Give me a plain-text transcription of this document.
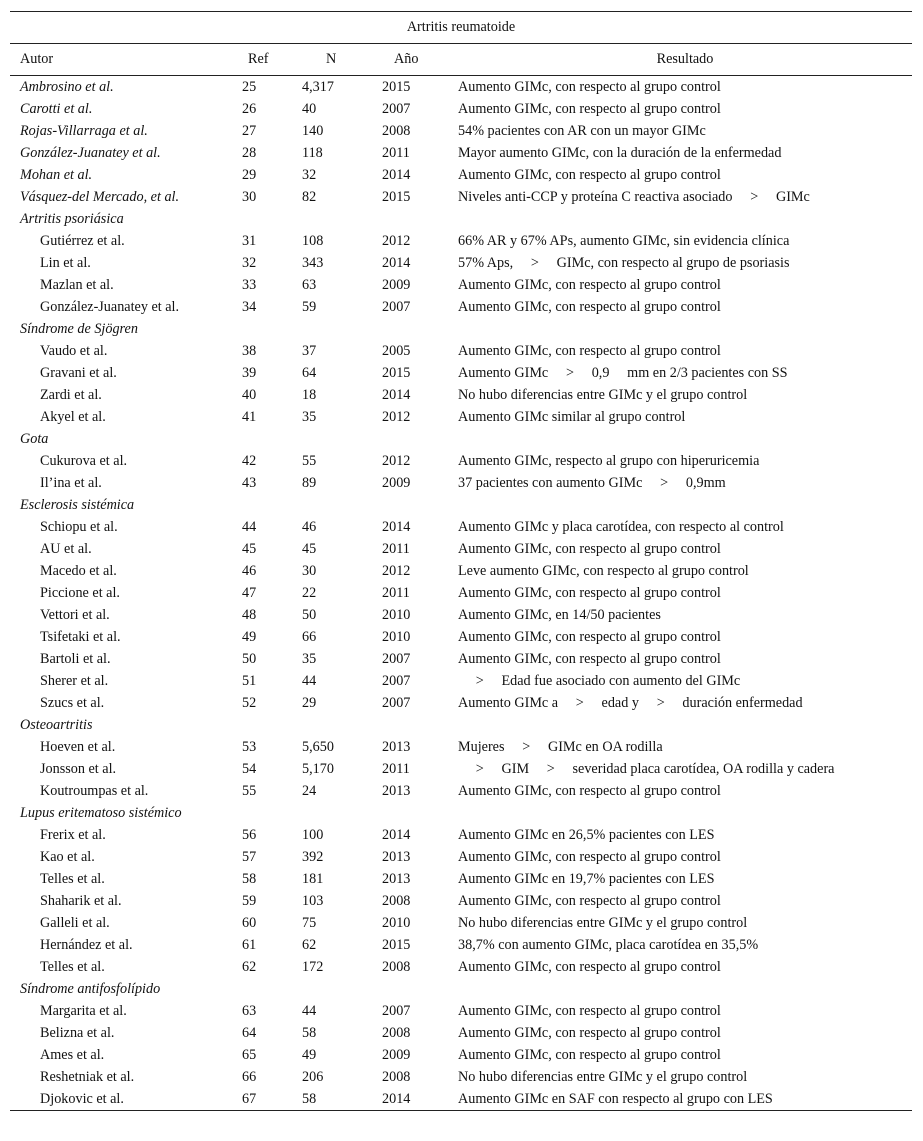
Artritis reumatoide				
Autor	Ref	N	Año	Resultado
Ambrosino et al.	25	4,317	2015	Aumento GIMc, con respecto al grupo control
Carotti et al.	26	40	2007	Aumento GIMc, con respecto al grupo control
Rojas-Villarraga et al.	27	140	2008	54% pacientes con AR con un mayor GIMc
González-Juanatey et al.	28	118	2011	Mayor aumento GIMc, con la duración de la enfermedad
Mohan et al.	29	32	2014	Aumento GIMc, con respecto al grupo control
Vásquez-del Mercado, et al.	30	82	2015	Niveles anti-CCP y proteína C reactiva asociado     >     GIMc
Artritis psoriásica				
Gutiérrez et al.	31	108	2012	66% AR y 67% APs, aumento GIMc, sin evidencia clínica
Lin et al.	32	343	2014	57% Aps,     >     GIMc, con respecto al grupo de psoriasis
Mazlan et al.	33	63	2009	Aumento GIMc, con respecto al grupo control
González-Juanatey et al.	34	59	2007	Aumento GIMc, con respecto al grupo control
Síndrome de Sjögren				
Vaudo et al.	38	37	2005	Aumento GIMc, con respecto al grupo control
Gravani et al.	39	64	2015	Aumento GIMc     >     0,9     mm en 2/3 pacientes con SS
Zardi et al.	40	18	2014	No hubo diferencias entre GIMc y el grupo control
Akyel et al.	41	35	2012	Aumento GIMc similar al grupo control
Gota				
Cukurova et al.	42	55	2012	Aumento GIMc, respecto al grupo con hiperuricemia
Il’ina et al.	43	89	2009	37 pacientes con aumento GIMc     >     0,9mm
Esclerosis sistémica				
Schiopu et al.	44	46	2014	Aumento GIMc y placa carotídea, con respecto al control
AU et al.	45	45	2011	Aumento GIMc, con respecto al grupo control
Macedo et al.	46	30	2012	Leve aumento GIMc, con respecto al grupo control
Piccione et al.	47	22	2011	Aumento GIMc, con respecto al grupo control
Vettori et al.	48	50	2010	Aumento GIMc, en 14/50 pacientes
Tsifetaki et al.	49	66	2010	Aumento GIMc, con respecto al grupo control
Bartoli et al.	50	35	2007	Aumento GIMc, con respecto al grupo control
Sherer et al.	51	44	2007	>     Edad fue asociado con aumento del GIMc
Szucs et al.	52	29	2007	Aumento GIMc a     >     edad y     >     duración enfermedad
Osteoartritis				
Hoeven et al.	53	5,650	2013	Mujeres     >     GIMc en OA rodilla
Jonsson et al.	54	5,170	2011	>     GIM     >     severidad placa carotídea, OA rodilla y cadera
Koutroumpas et al.	55	24	2013	Aumento GIMc, con respecto al grupo control
Lupus eritematoso sistémico				
Frerix et al.	56	100	2014	Aumento GIMc en 26,5% pacientes con LES
Kao et al.	57	392	2013	Aumento GIMc, con respecto al grupo control
Telles et al.	58	181	2013	Aumento GIMc en 19,7% pacientes con LES
Shaharik et al.	59	103	2008	Aumento GIMc, con respecto al grupo control
Galleli et al.	60	75	2010	No hubo diferencias entre GIMc y el grupo control
Hernández et al.	61	62	2015	38,7% con aumento GIMc, placa carotídea en 35,5%
Telles et al.	62	172	2008	Aumento GIMc, con respecto al grupo control
Síndrome antifosfolípido				
Margarita et al.	63	44	2007	Aumento GIMc, con respecto al grupo control
Belizna et al.	64	58	2008	Aumento GIMc, con respecto al grupo control
Ames et al.	65	49	2009	Aumento GIMc, con respecto al grupo control
Reshetniak et al.	66	206	2008	No hubo diferencias entre GIMc y el grupo control
Djokovic et al.	67	58	2014	Aumento GIMc en SAF con respecto al grupo con LES
